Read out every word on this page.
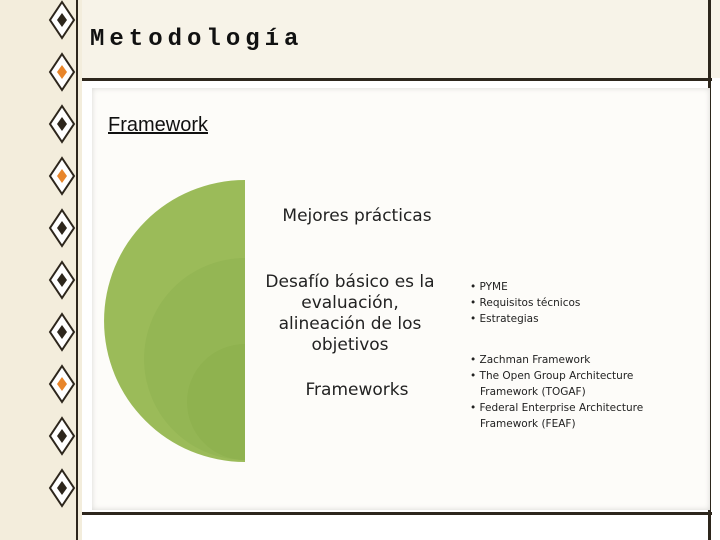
Metodología
Framework
Mejores prácticas
Desafío básico es la evaluación, alineación de los objetivos
Frameworks
• PYME
• Requisitos técnicos
• Estrategias
• Zachman Framework
• The Open Group Architecture Framework (TOGAF)
• Federal Enterprise Architecture Framework (FEAF)
